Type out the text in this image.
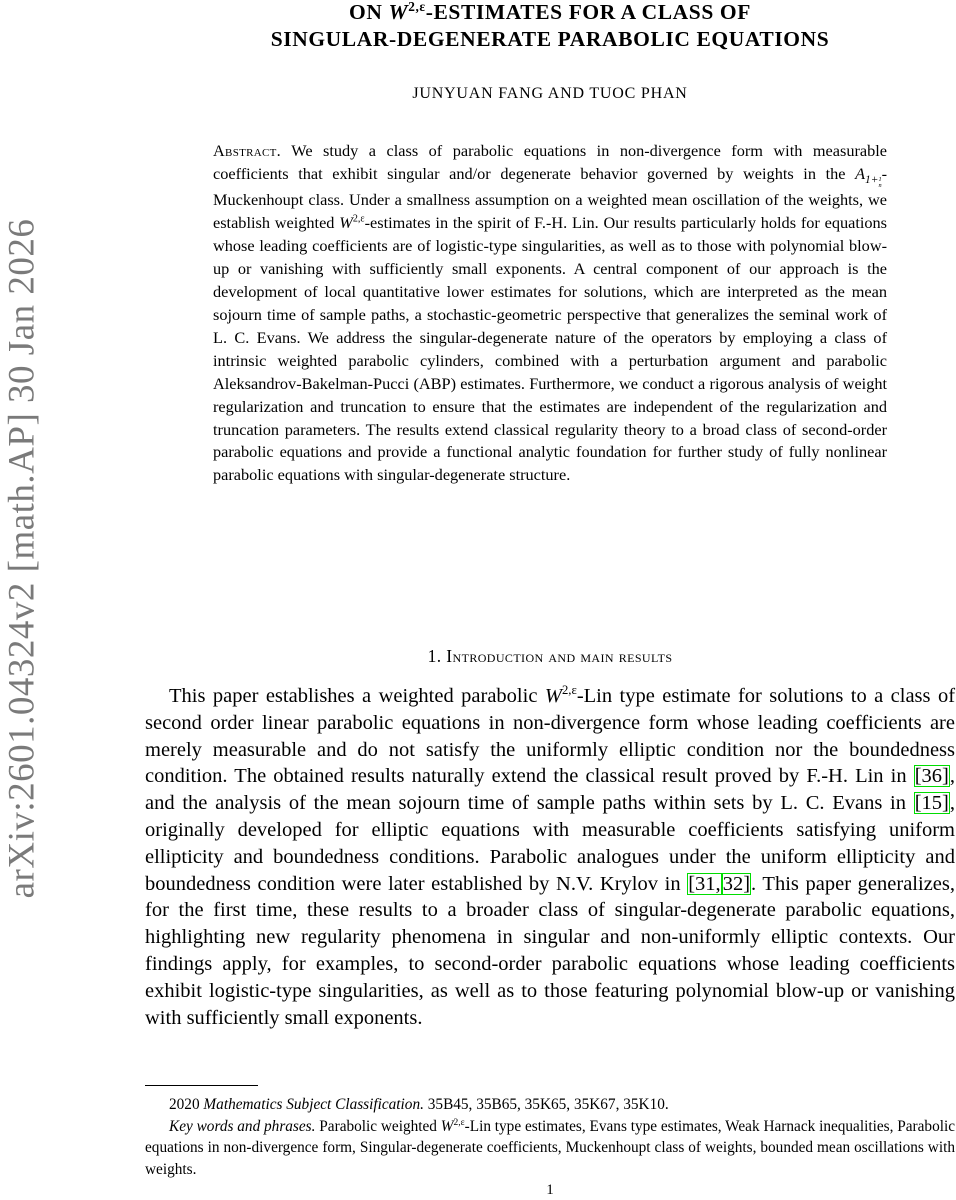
arXiv:2601.04324v2 [math.AP] 30 Jan 2026
ON $W^{2,\varepsilon}$-ESTIMATES FOR A CLASS OF
SINGULAR-DEGENERATE PARABOLIC EQUATIONS
JUNYUAN FANG AND TUOC PHAN
Abstract. We study a class of parabolic equations in non-divergence form with measurable coefficients that exhibit singular and/or degenerate behavior governed by weights in the $A_{1+1 n}$-Muckenhoupt class. Under a smallness assumption on a weighted mean oscillation of the weights, we establish weighted $W^{2,\varepsilon}$-estimates in the spirit of F.-H. Lin. Our results particularly holds for equations whose leading coefficients are of logistic-type singularities, as well as to those with polynomial blow-up or vanishing with sufficiently small exponents. A central component of our approach is the development of local quantitative lower estimates for solutions, which are interpreted as the mean sojourn time of sample paths, a stochastic-geometric perspective that generalizes the seminal work of L. C. Evans. We address the singular-degenerate nature of the operators by employing a class of intrinsic weighted parabolic cylinders, combined with a perturbation argument and parabolic Aleksandrov-Bakelman-Pucci (ABP) estimates. Furthermore, we conduct a rigorous analysis of weight regularization and truncation to ensure that the estimates are independent of the regularization and truncation parameters. The results extend classical regularity theory to a broad class of second-order parabolic equations and provide a functional analytic foundation for further study of fully nonlinear parabolic equations with singular-degenerate structure.
1. Introduction and main results
This paper establishes a weighted parabolic $W^{2,\varepsilon}$-Lin type estimate for solutions to a class of second order linear parabolic equations in non-divergence form whose leading coefficients are merely measurable and do not satisfy the uniformly elliptic condition nor the boundedness condition. The obtained results naturally extend the classical result proved by F.-H. Lin in [36], and the analysis of the mean sojourn time of sample paths within sets by L. C. Evans in [15], originally developed for elliptic equations with measurable coefficients satisfying uniform ellipticity and boundedness conditions. Parabolic analogues under the uniform ellipticity and boundedness condition were later established by N.V. Krylov in [31,32]. This paper generalizes, for the first time, these results to a broader class of singular-degenerate parabolic equations, highlighting new regularity phenomena in singular and non-uniformly elliptic contexts. Our findings apply, for examples, to second-order parabolic equations whose leading coefficients exhibit logistic-type singularities, as well as to those featuring polynomial blow-up or vanishing with sufficiently small exponents.

2020 Mathematics Subject Classification. 35B45, 35B65, 35K65, 35K67, 35K10.

Key words and phrases. Parabolic weighted $W^{2,\varepsilon}$-Lin type estimates, Evans type estimates, Weak Harnack inequalities, Parabolic equations in non-divergence form, Singular-degenerate coefficients, Muckenhoupt class of weights, bounded mean oscillations with weights.

1
